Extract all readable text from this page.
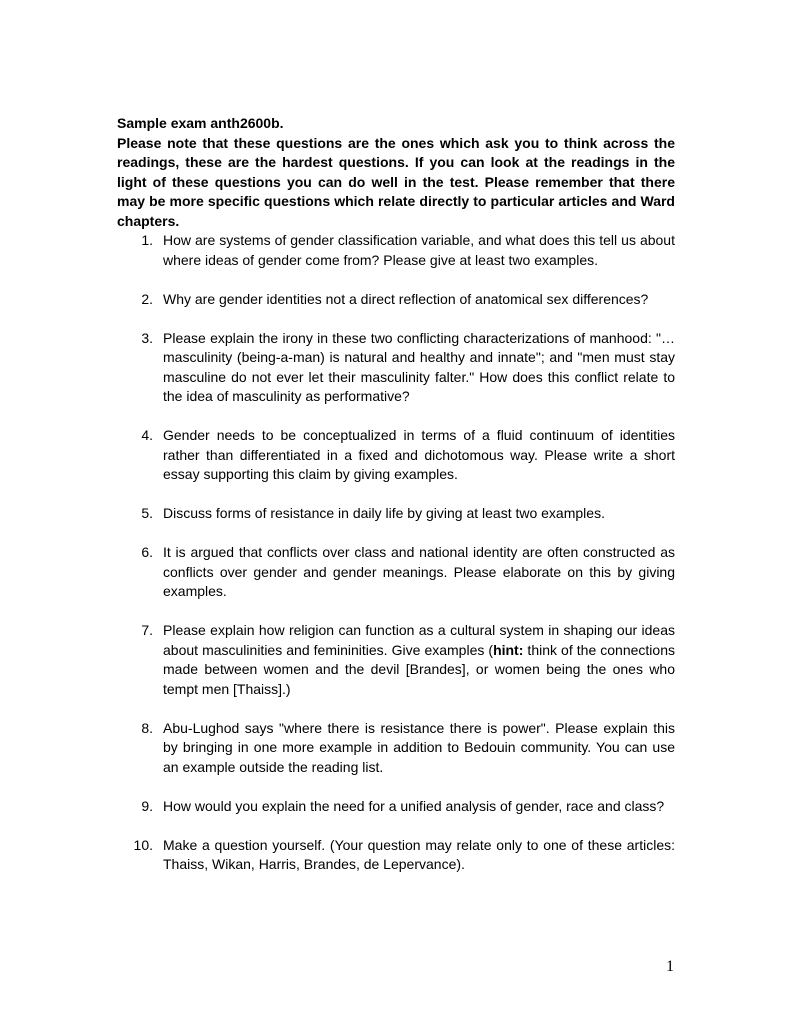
Sample exam anth2600b.

Please note that these questions are the ones which ask you to think across the readings, these are the hardest questions. If you can look at the readings in the light of these questions you can do well in the test. Please remember that there may be more specific questions which relate directly to particular articles and Ward chapters.

1. How are systems of gender classification variable, and what does this tell us about where ideas of gender come from? Please give at least two examples.
2. Why are gender identities not a direct reflection of anatomical sex differences?
3. Please explain the irony in these two conflicting characterizations of manhood: "…masculinity (being-a-man) is natural and healthy and innate"; and "men must stay masculine do not ever let their masculinity falter." How does this conflict relate to the idea of masculinity as performative?
4. Gender needs to be conceptualized in terms of a fluid continuum of identities rather than differentiated in a fixed and dichotomous way. Please write a short essay supporting this claim by giving examples.
5. Discuss forms of resistance in daily life by giving at least two examples.
6. It is argued that conflicts over class and national identity are often constructed as conflicts over gender and gender meanings. Please elaborate on this by giving examples.
7. Please explain how religion can function as a cultural system in shaping our ideas about masculinities and femininities. Give examples (hint: think of the connections made between women and the devil [Brandes], or women being the ones who tempt men [Thaiss].)
8. Abu-Lughod says "where there is resistance there is power". Please explain this by bringing in one more example in addition to Bedouin community. You can use an example outside the reading list.
9. How would you explain the need for a unified analysis of gender, race and class?
10. Make a question yourself. (Your question may relate only to one of these articles: Thaiss, Wikan, Harris, Brandes, de Lepervance).
1
